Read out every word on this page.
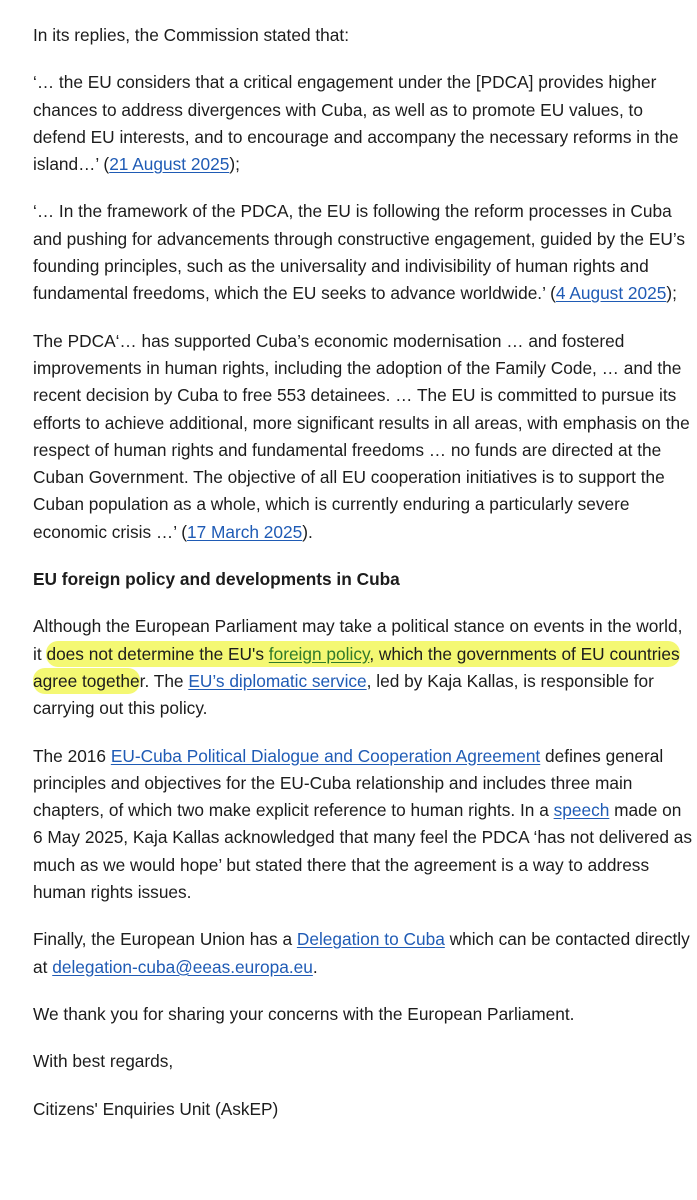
In its replies, the Commission stated that:

‘… the EU considers that a critical engagement under the [PDCA] provides higher chances to address divergences with Cuba, as well as to promote EU values, to defend EU interests, and to encourage and accompany the necessary reforms in the island…’ (21 August 2025);

‘… In the framework of the PDCA, the EU is following the reform processes in Cuba and pushing for advancements through constructive engagement, guided by the EU’s founding principles, such as the universality and indivisibility of human rights and fundamental freedoms, which the EU seeks to advance worldwide.’ (4 August 2025);

The PDCA‘… has supported Cuba’s economic modernisation … and fostered improvements in human rights, including the adoption of the Family Code, … and the recent decision by Cuba to free 553 detainees. … The EU is committed to pursue its efforts to achieve additional, more significant results in all areas, with emphasis on the respect of human rights and fundamental freedoms … no funds are directed at the Cuban Government. The objective of all EU cooperation initiatives is to support the Cuban population as a whole, which is currently enduring a particularly severe economic crisis …’ (17 March 2025).

EU foreign policy and developments in Cuba

Although the European Parliament may take a political stance on events in the world, it does not determine the EU's foreign policy, which the governments of EU countries agree together. The EU’s diplomatic service, led by Kaja Kallas, is responsible for carrying out this policy.

The 2016 EU-Cuba Political Dialogue and Cooperation Agreement defines general principles and objectives for the EU-Cuba relationship and includes three main chapters, of which two make explicit reference to human rights. In a speech made on 6 May 2025, Kaja Kallas acknowledged that many feel the PDCA ‘has not delivered as much as we would hope’ but stated there that the agreement is a way to address human rights issues.

Finally, the European Union has a Delegation to Cuba which can be contacted directly at delegation-cuba@eeas.europa.eu.

We thank you for sharing your concerns with the European Parliament.

With best regards,

Citizens' Enquiries Unit (AskEP)
